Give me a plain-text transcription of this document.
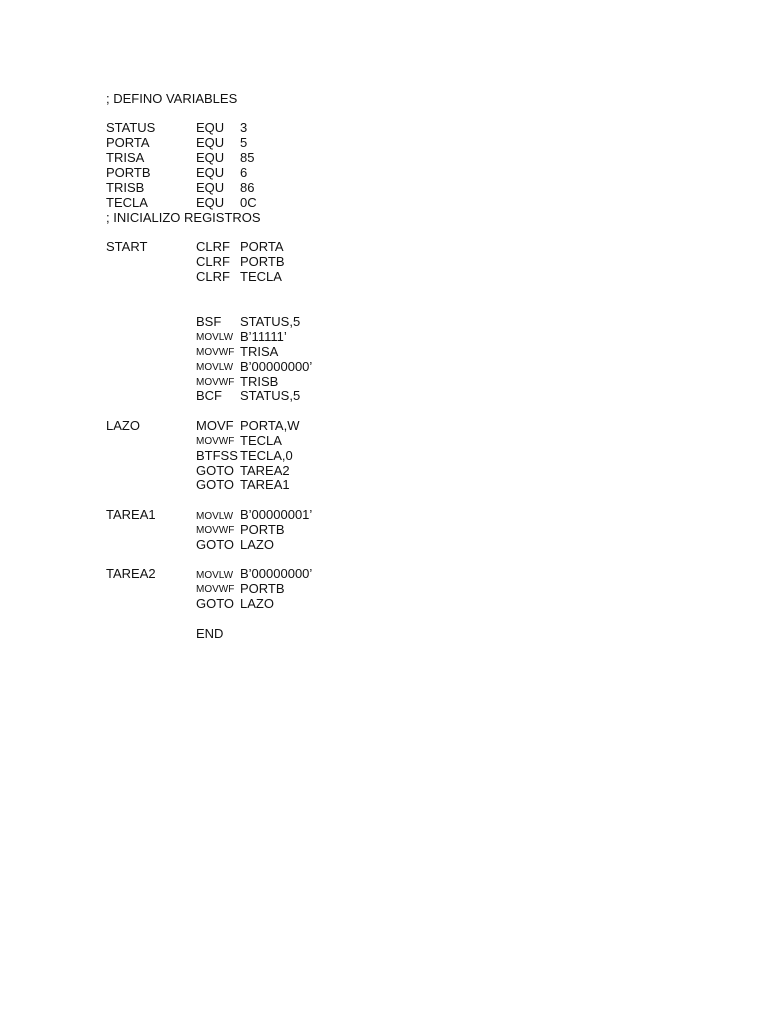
; DEFINO VARIABLES
STATUS	EQU 3
PORTA	EQU 5
TRISA	EQU 85
PORTB	EQU 6
TRISB	EQU 86
TECLA	EQU 0C
; INICIALIZO REGISTROS
START	CLRF PORTA
CLRF PORTB
CLRF TECLA
BSF STATUS,5
MOVLW B’11111’
MOVWF TRISA
MOVLW B’00000000’
MOVWF TRISB
BCF STATUS,5
LAZO	MOVF PORTA,W
MOVWF TECLA
BTFSS TECLA,0
GOTO TAREA2
GOTO TAREA1
TAREA1	MOVLW B’00000001’
MOVWF PORTB
GOTO LAZO
TAREA2	MOVLW B’00000000’
MOVWF PORTB
GOTO LAZO
END
